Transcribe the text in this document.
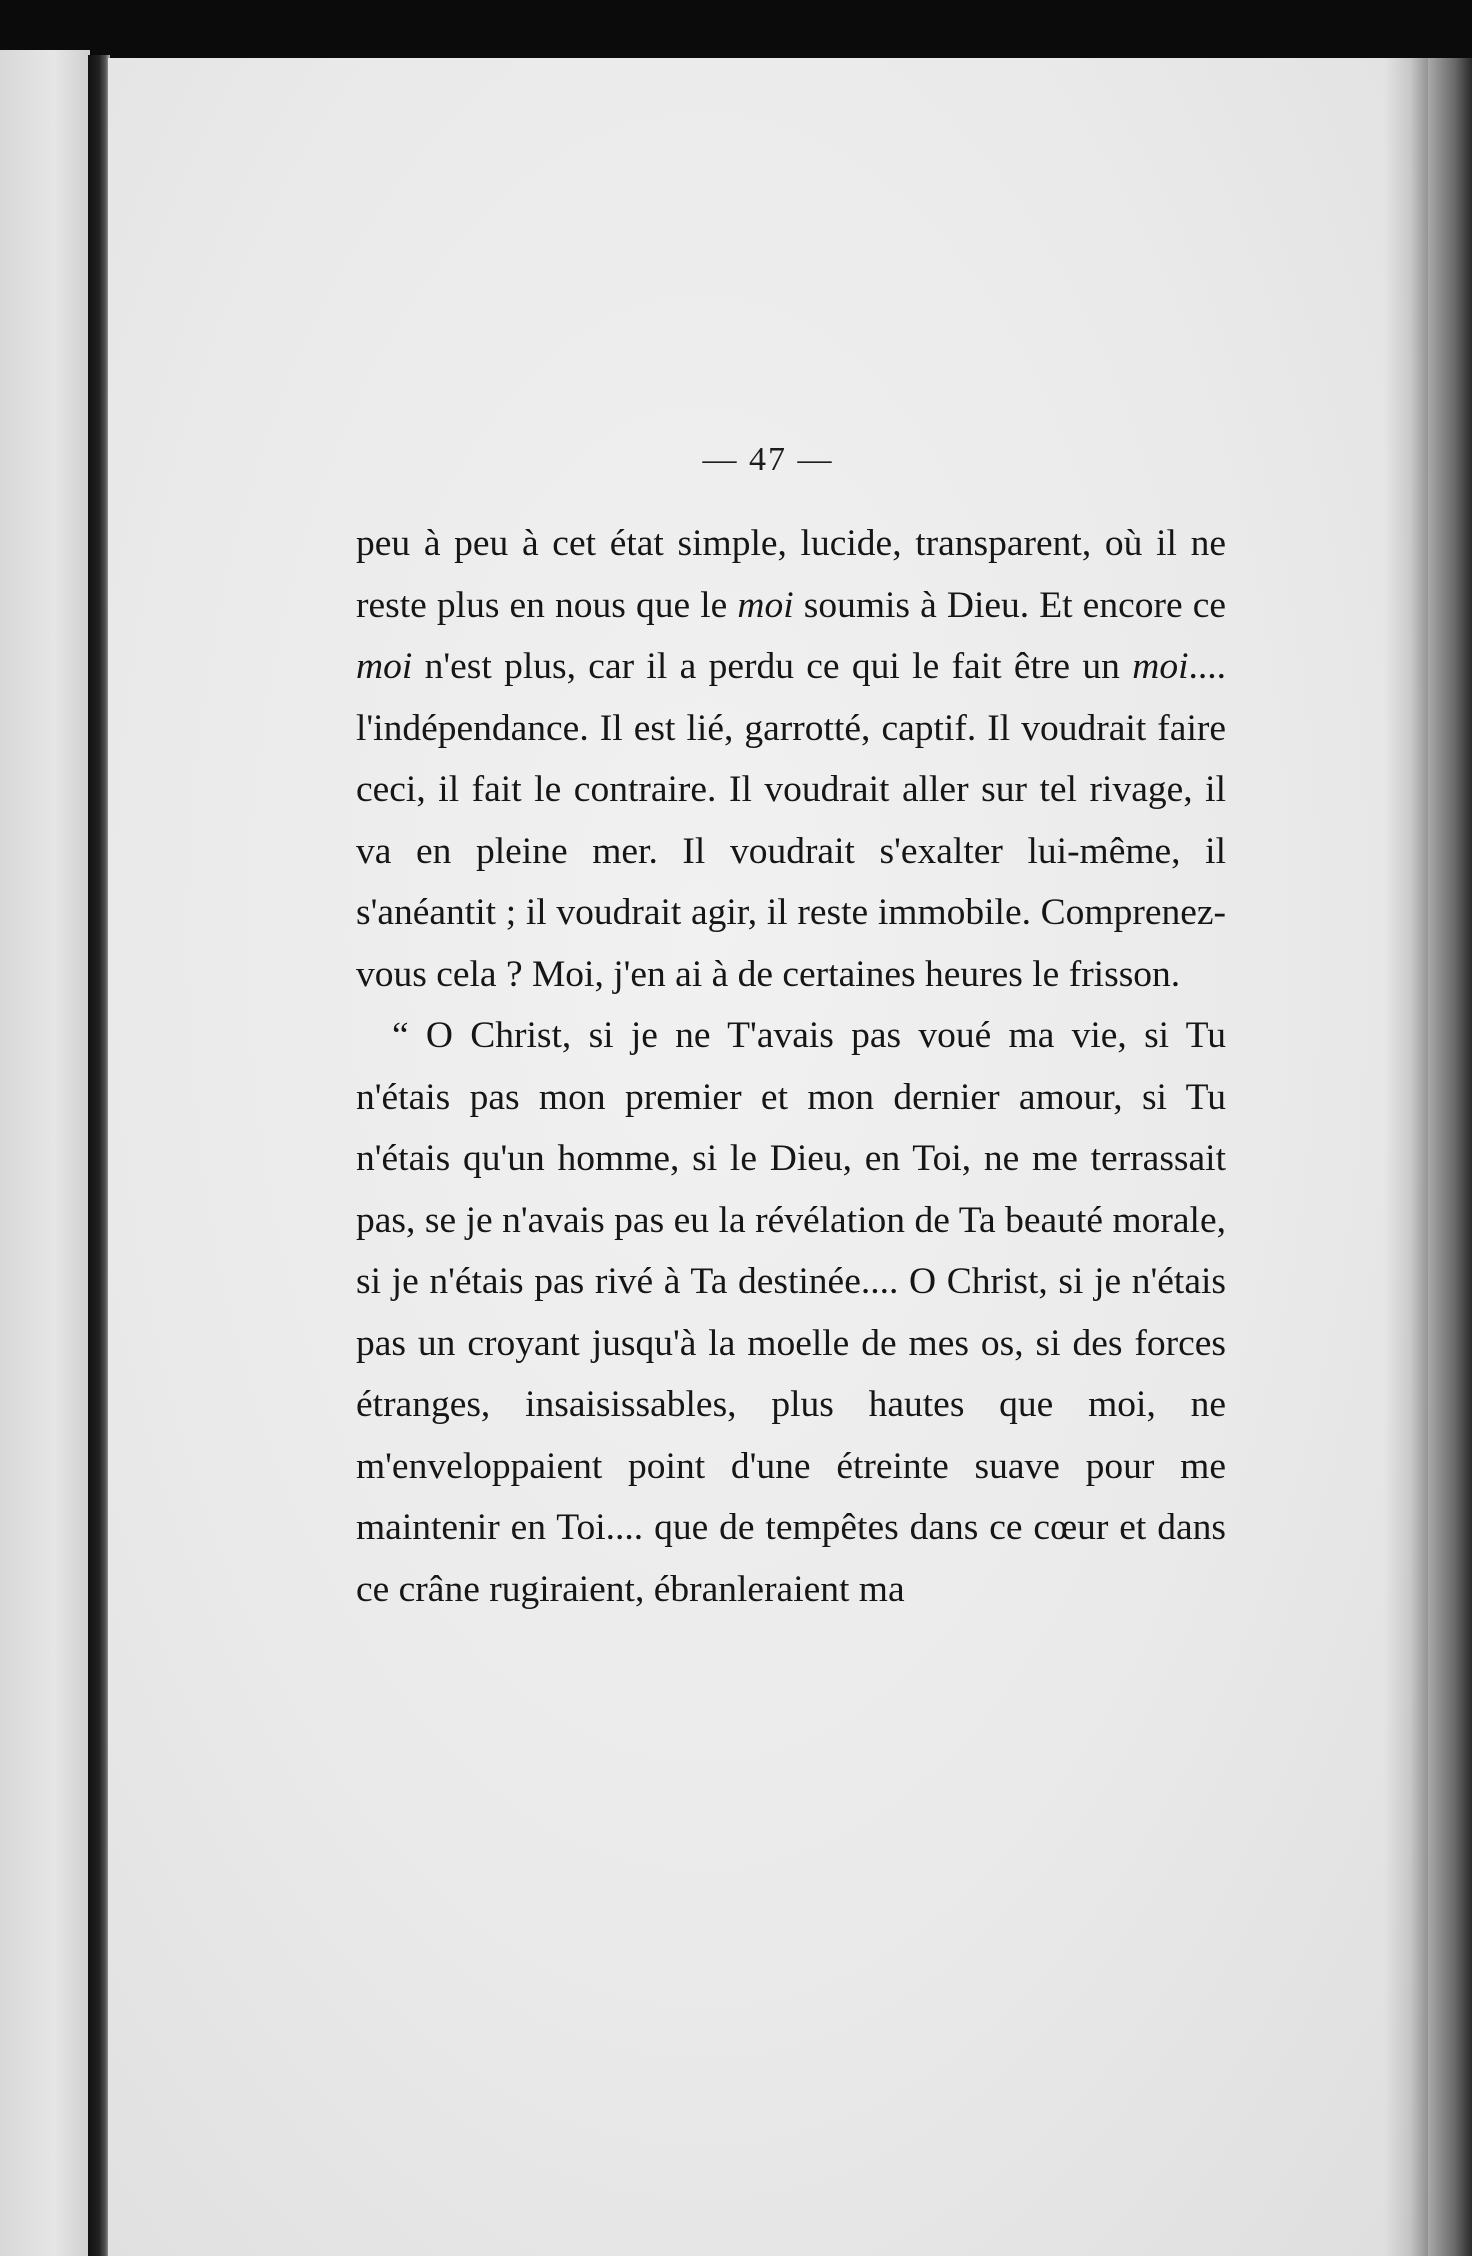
— 47 —

peu à peu à cet état simple, lucide, transparent, où il ne reste plus en nous que le moi soumis à Dieu. Et encore ce moi n'est plus, car il a perdu ce qui le fait être un moi.... l'indépendance. Il est lié, garrotté, captif. Il voudrait faire ceci, il fait le contraire. Il voudrait aller sur tel rivage, il va en pleine mer. Il voudrait s'exalter lui-même, il s'anéantit ; il voudrait agir, il reste immobile. Comprenez-vous cela ? Moi, j'en ai à de certaines heures le frisson.

“ O Christ, si je ne T'avais pas voué ma vie, si Tu n'étais pas mon premier et mon dernier amour, si Tu n'étais qu'un homme, si le Dieu, en Toi, ne me terrassait pas, se je n'avais pas eu la révélation de Ta beauté morale, si je n'étais pas rivé à Ta destinée.... O Christ, si je n'étais pas un croyant jusqu'à la moelle de mes os, si des forces étranges, insaisissables, plus hautes que moi, ne m'enveloppaient point d'une étreinte suave pour me maintenir en Toi.... que de tempêtes dans ce cœur et dans ce crâne rugiraient, ébranleraient ma
